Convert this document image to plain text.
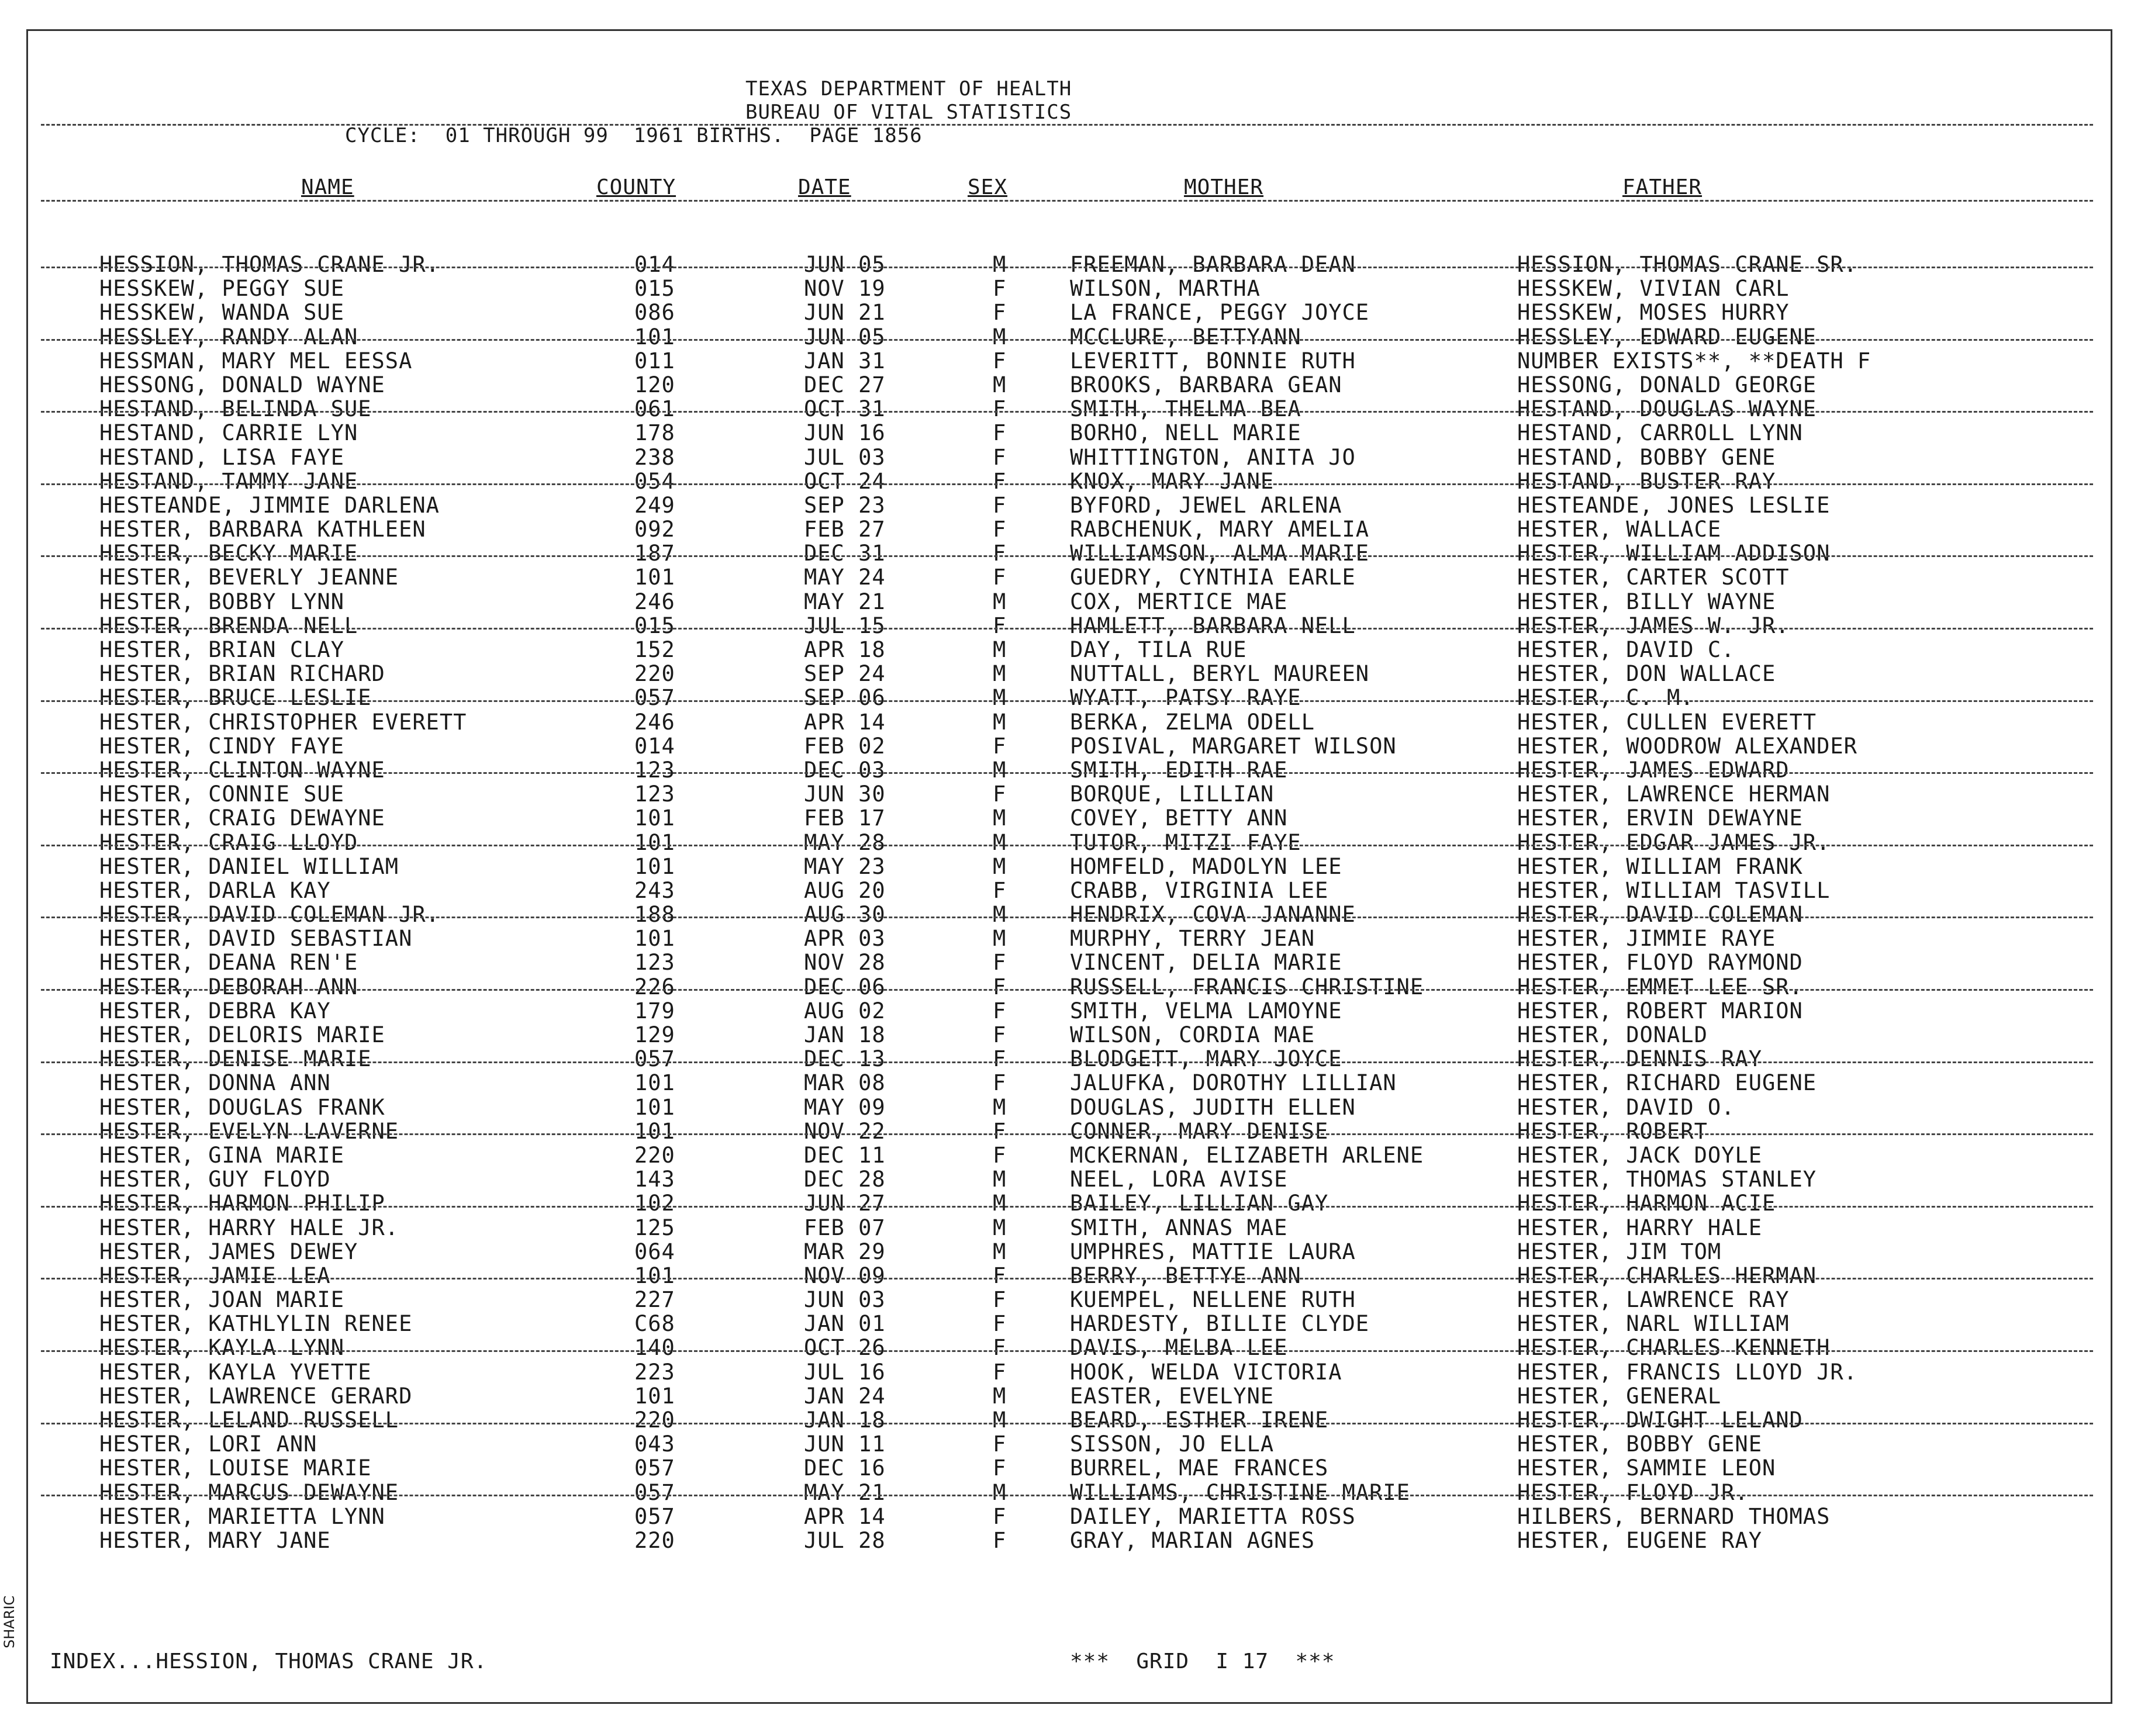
TEXAS DEPARTMENT OF HEALTH
BUREAU OF VITAL STATISTICS
CYCLE:  01 THROUGH 99  1961 BIRTHS.  PAGE 1856
NAME	COUNTY	DATE	SEX	MOTHER	FATHER
HESSION, THOMAS CRANE JR.	014	JUN 05	M	FREEMAN, BARBARA DEAN	HESSION, THOMAS CRANE SR.
HESSKEW, PEGGY SUE	015	NOV 19	F	WILSON, MARTHA	HESSKEW, VIVIAN CARL
HESSKEW, WANDA SUE	086	JUN 21	F	LA FRANCE, PEGGY JOYCE	HESSKEW, MOSES HURRY
HESSLEY, RANDY ALAN	101	JUN 05	M	MCCLURE, BETTYANN	HESSLEY, EDWARD EUGENE
HESSMAN, MARY MEL EESSA	011	JAN 31	F	LEVERITT, BONNIE RUTH	NUMBER EXISTS**, **DEATH F
HESSONG, DONALD WAYNE	120	DEC 27	M	BROOKS, BARBARA GEAN	HESSONG, DONALD GEORGE
HESTAND, BELINDA SUE	061	OCT 31	F	SMITH, THELMA BEA	HESTAND, DOUGLAS WAYNE
HESTAND, CARRIE LYN	178	JUN 16	F	BORHO, NELL MARIE	HESTAND, CARROLL LYNN
HESTAND, LISA FAYE	238	JUL 03	F	WHITTINGTON, ANITA JO	HESTAND, BOBBY GENE
HESTAND, TAMMY JANE	054	OCT 24	F	KNOX, MARY JANE	HESTAND, BUSTER RAY
HESTEANDE, JIMMIE DARLENA	249	SEP 23	F	BYFORD, JEWEL ARLENA	HESTEANDE, JONES LESLIE
HESTER, BARBARA KATHLEEN	092	FEB 27	F	RABCHENUK, MARY AMELIA	HESTER, WALLACE
HESTER, BECKY MARIE	187	DEC 31	F	WILLIAMSON, ALMA MARIE	HESTER, WILLIAM ADDISON
HESTER, BEVERLY JEANNE	101	MAY 24	F	GUEDRY, CYNTHIA EARLE	HESTER, CARTER SCOTT
HESTER, BOBBY LYNN	246	MAY 21	M	COX, MERTICE MAE	HESTER, BILLY WAYNE
HESTER, BRENDA NELL	015	JUL 15	F	HAMLETT, BARBARA NELL	HESTER, JAMES W. JR.
HESTER, BRIAN CLAY	152	APR 18	M	DAY, TILA RUE	HESTER, DAVID C.
HESTER, BRIAN RICHARD	220	SEP 24	M	NUTTALL, BERYL MAUREEN	HESTER, DON WALLACE
HESTER, BRUCE LESLIE	057	SEP 06	M	WYATT, PATSY RAYE	HESTER, C. M.
HESTER, CHRISTOPHER EVERETT	246	APR 14	M	BERKA, ZELMA ODELL	HESTER, CULLEN EVERETT
HESTER, CINDY FAYE	014	FEB 02	F	POSIVAL, MARGARET WILSON	HESTER, WOODROW ALEXANDER
HESTER, CLINTON WAYNE	123	DEC 03	M	SMITH, EDITH RAE	HESTER, JAMES EDWARD
HESTER, CONNIE SUE	123	JUN 30	F	BORQUE, LILLIAN	HESTER, LAWRENCE HERMAN
HESTER, CRAIG DEWAYNE	101	FEB 17	M	COVEY, BETTY ANN	HESTER, ERVIN DEWAYNE
HESTER, CRAIG LLOYD	101	MAY 28	M	TUTOR, MITZI FAYE	HESTER, EDGAR JAMES JR.
HESTER, DANIEL WILLIAM	101	MAY 23	M	HOMFELD, MADOLYN LEE	HESTER, WILLIAM FRANK
HESTER, DARLA KAY	243	AUG 20	F	CRABB, VIRGINIA LEE	HESTER, WILLIAM TASVILL
HESTER, DAVID COLEMAN JR.	188	AUG 30	M	HENDRIX, COVA JANANNE	HESTER, DAVID COLEMAN
HESTER, DAVID SEBASTIAN	101	APR 03	M	MURPHY, TERRY JEAN	HESTER, JIMMIE RAYE
HESTER, DEANA REN'E	123	NOV 28	F	VINCENT, DELIA MARIE	HESTER, FLOYD RAYMOND
HESTER, DEBORAH ANN	226	DEC 06	F	RUSSELL, FRANCIS CHRISTINE	HESTER, EMMET LEE SR.
HESTER, DEBRA KAY	179	AUG 02	F	SMITH, VELMA LAMOYNE	HESTER, ROBERT MARION
HESTER, DELORIS MARIE	129	JAN 18	F	WILSON, CORDIA MAE	HESTER, DONALD
HESTER, DENISE MARIE	057	DEC 13	F	BLODGETT, MARY JOYCE	HESTER, DENNIS RAY
HESTER, DONNA ANN	101	MAR 08	F	JALUFKA, DOROTHY LILLIAN	HESTER, RICHARD EUGENE
HESTER, DOUGLAS FRANK	101	MAY 09	M	DOUGLAS, JUDITH ELLEN	HESTER, DAVID O.
HESTER, EVELYN LAVERNE	101	NOV 22	F	CONNER, MARY DENISE	HESTER, ROBERT
HESTER, GINA MARIE	220	DEC 11	F	MCKERNAN, ELIZABETH ARLENE	HESTER, JACK DOYLE
HESTER, GUY FLOYD	143	DEC 28	M	NEEL, LORA AVISE	HESTER, THOMAS STANLEY
HESTER, HARMON PHILIP	102	JUN 27	M	BAILEY, LILLIAN GAY	HESTER, HARMON ACIE
HESTER, HARRY HALE JR.	125	FEB 07	M	SMITH, ANNAS MAE	HESTER, HARRY HALE
HESTER, JAMES DEWEY	064	MAR 29	M	UMPHRES, MATTIE LAURA	HESTER, JIM TOM
HESTER, JAMIE LEA	101	NOV 09	F	BERRY, BETTYE ANN	HESTER, CHARLES HERMAN
HESTER, JOAN MARIE	227	JUN 03	F	KUEMPEL, NELLENE RUTH	HESTER, LAWRENCE RAY
HESTER, KATHLYLIN RENEE	C68	JAN 01	F	HARDESTY, BILLIE CLYDE	HESTER, NARL WILLIAM
HESTER, KAYLA LYNN	140	OCT 26	F	DAVIS, MELBA LEE	HESTER, CHARLES KENNETH
HESTER, KAYLA YVETTE	223	JUL 16	F	HOOK, WELDA VICTORIA	HESTER, FRANCIS LLOYD JR.
HESTER, LAWRENCE GERARD	101	JAN 24	M	EASTER, EVELYNE	HESTER, GENERAL
HESTER, LELAND RUSSELL	220	JAN 18	M	BEARD, ESTHER IRENE	HESTER, DWIGHT LELAND
HESTER, LORI ANN	043	JUN 11	F	SISSON, JO ELLA	HESTER, BOBBY GENE
HESTER, LOUISE MARIE	057	DEC 16	F	BURREL, MAE FRANCES	HESTER, SAMMIE LEON
HESTER, MARCUS DEWAYNE	057	MAY 21	M	WILLIAMS, CHRISTINE MARIE	HESTER, FLOYD JR.
HESTER, MARIETTA LYNN	057	APR 14	F	DAILEY, MARIETTA ROSS	HILBERS, BERNARD THOMAS
HESTER, MARY JANE	220	JUL 28	F	GRAY, MARIAN AGNES	HESTER, EUGENE RAY
INDEX...HESSION, THOMAS CRANE JR.	***  GRID  I 17  ***
SHARIC
